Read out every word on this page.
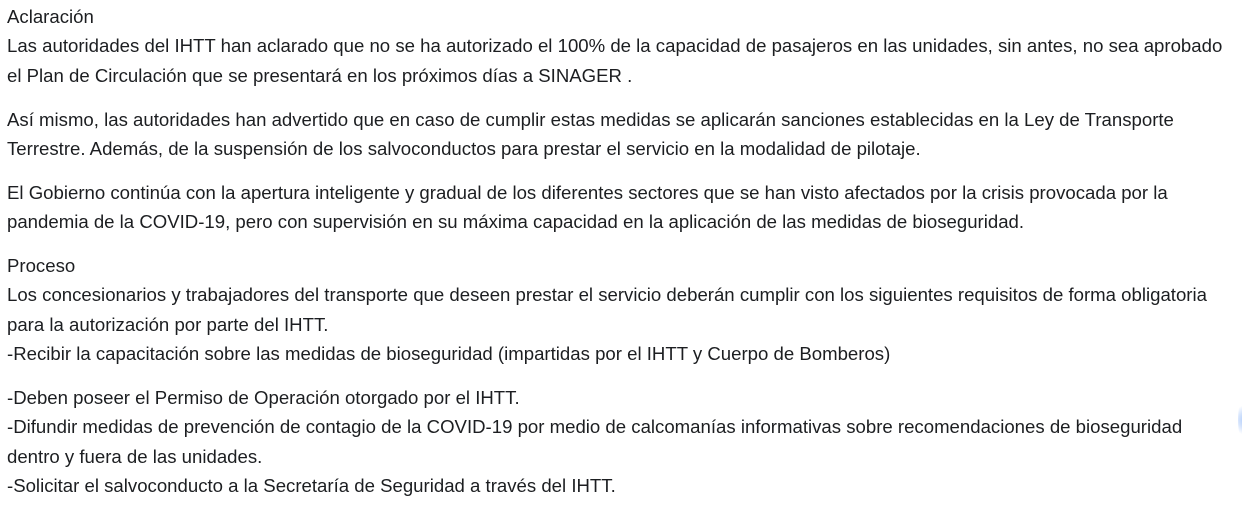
Aclaración
Las autoridades del IHTT han aclarado que no se ha autorizado el 100% de la capacidad de pasajeros en las unidades, sin antes, no sea aprobado el Plan de Circulación que se presentará en los próximos días a SINAGER .

Así mismo, las autoridades han advertido que en caso de cumplir estas medidas se aplicarán sanciones establecidas en la Ley de Transporte Terrestre. Además, de la suspensión de los salvoconductos para prestar el servicio en la modalidad de pilotaje.

El Gobierno continúa con la apertura inteligente y gradual de los diferentes sectores que se han visto afectados por la crisis provocada por la pandemia de la COVID-19, pero con supervisión en su máxima capacidad en la aplicación de las medidas de bioseguridad.

Proceso
Los concesionarios y trabajadores del transporte que deseen prestar el servicio deberán cumplir con los siguientes requisitos de forma obligatoria para la autorización por parte del IHTT.
-Recibir la capacitación sobre las medidas de bioseguridad (impartidas por el IHTT y Cuerpo de Bomberos)

-Deben poseer el Permiso de Operación otorgado por el IHTT.
-Difundir medidas de prevención de contagio de la COVID-19 por medio de calcomanías informativas sobre recomendaciones de bioseguridad dentro y fuera de las unidades.
-Solicitar el salvoconducto a la Secretaría de Seguridad a través del IHTT.
